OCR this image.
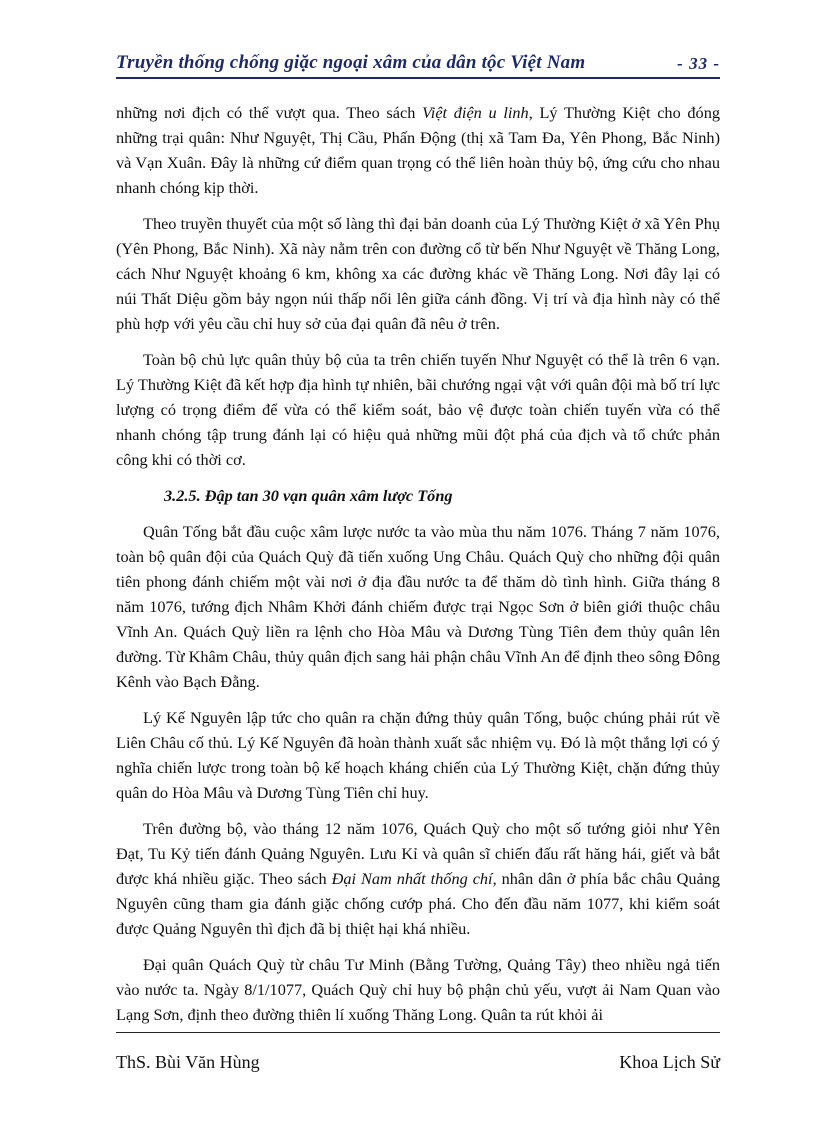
Truyền thống chống giặc ngoại xâm của dân tộc Việt Nam	- 33 -

những nơi địch có thể vượt qua. Theo sách Việt điện u linh, Lý Thường Kiệt cho đóng những trại quân: Như Nguyệt, Thị Cầu, Phấn Động (thị xã Tam Đa, Yên Phong, Bắc Ninh) và Vạn Xuân. Đây là những cứ điểm quan trọng có thể liên hoàn thủy bộ, ứng cứu cho nhau nhanh chóng kịp thời.

Theo truyền thuyết của một số làng thì đại bản doanh của Lý Thường Kiệt ở xã Yên Phụ (Yên Phong, Bắc Ninh). Xã này nằm trên con đường cổ từ bến Như Nguyệt về Thăng Long, cách Như Nguyệt khoảng 6 km, không xa các đường khác về Thăng Long. Nơi đây lại có núi Thất Diệu gồm bảy ngọn núi thấp nổi lên giữa cánh đồng. Vị trí và địa hình này có thể phù hợp với yêu cầu chỉ huy sở của đại quân đã nêu ở trên.

Toàn bộ chủ lực quân thủy bộ của ta trên chiến tuyến Như Nguyệt có thể là trên 6 vạn. Lý Thường Kiệt đã kết hợp địa hình tự nhiên, bãi chướng ngại vật với quân đội mà bố trí lực lượng có trọng điểm để vừa có thể kiểm soát, bảo vệ được toàn chiến tuyến vừa có thể nhanh chóng tập trung đánh lại có hiệu quả những mũi đột phá của địch và tổ chức phản công khi có thời cơ.

3.2.5. Đập tan 30 vạn quân xâm lược Tống

Quân Tống bắt đầu cuộc xâm lược nước ta vào mùa thu năm 1076. Tháng 7 năm 1076, toàn bộ quân đội của Quách Quỳ đã tiến xuống Ung Châu. Quách Quỳ cho những đội quân tiên phong đánh chiếm một vài nơi ở địa đầu nước ta để thăm dò tình hình. Giữa tháng 8 năm 1076, tướng địch Nhâm Khởi đánh chiếm được trại Ngọc Sơn ở biên giới thuộc châu Vĩnh An. Quách Quỳ liền ra lệnh cho Hòa Mâu và Dương Tùng Tiên đem thủy quân lên đường. Từ Khâm Châu, thủy quân địch sang hải phận châu Vĩnh An để định theo sông Đông Kênh vào Bạch Đằng.

Lý Kế Nguyên lập tức cho quân ra chặn đứng thủy quân Tống, buộc chúng phải rút về Liên Châu cố thủ. Lý Kế Nguyên đã hoàn thành xuất sắc nhiệm vụ. Đó là một thắng lợi có ý nghĩa chiến lược trong toàn bộ kế hoạch kháng chiến của Lý Thường Kiệt, chặn đứng thủy quân do Hòa Mâu và Dương Tùng Tiên chỉ huy.

Trên đường bộ, vào tháng 12 năm 1076, Quách Quỳ cho một số tướng giỏi như Yên Đạt, Tu Kỷ tiến đánh Quảng Nguyên. Lưu Kỉ và quân sĩ chiến đấu rất hăng hái, giết và bắt được khá nhiều giặc. Theo sách Đại Nam nhất thống chí, nhân dân ở phía bắc châu Quảng Nguyên cũng tham gia đánh giặc chống cướp phá. Cho đến đầu năm 1077, khi kiểm soát được Quảng Nguyên thì địch đã bị thiệt hại khá nhiều.

Đại quân Quách Quỳ từ châu Tư Minh (Bằng Tường, Quảng Tây) theo nhiều ngả tiến vào nước ta. Ngày 8/1/1077, Quách Quỳ chỉ huy bộ phận chủ yếu, vượt ải Nam Quan vào Lạng Sơn, định theo đường thiên lí xuống Thăng Long. Quân ta rút khỏi ải

ThS. Bùi Văn Hùng	Khoa Lịch Sử
